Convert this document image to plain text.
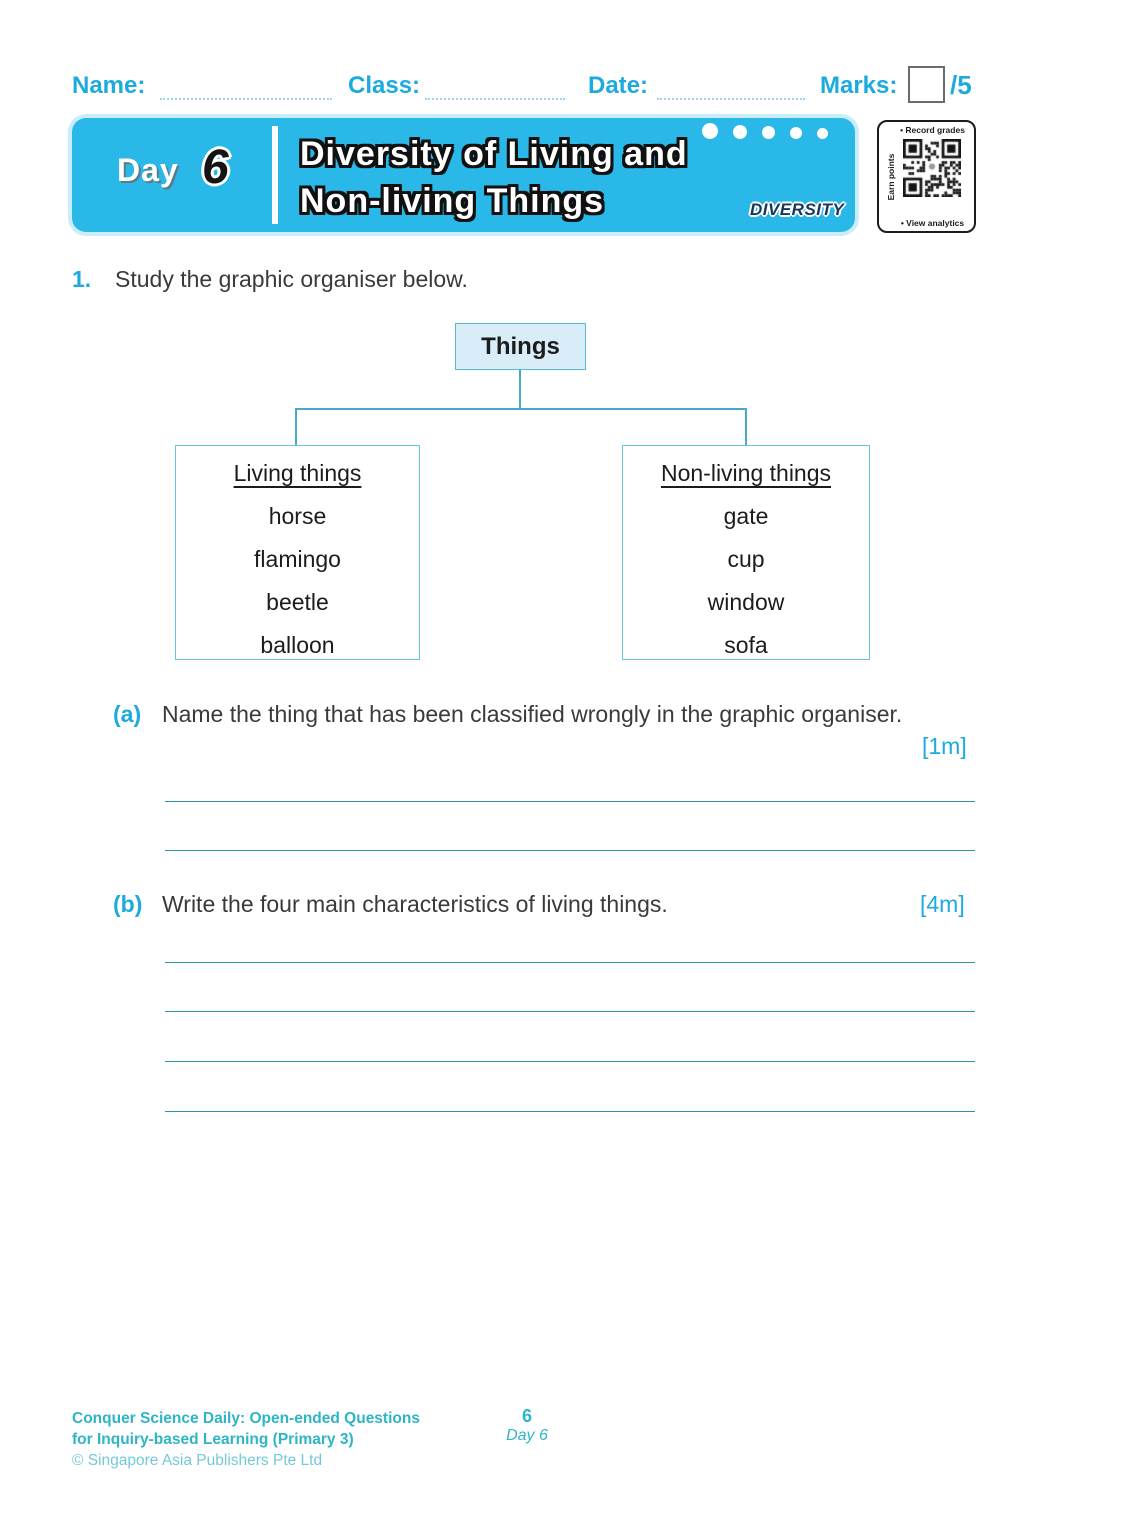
Name:	Class:	Date:	Marks: /5
Day 6 Diversity of Living and
Non-living Things	DIVERSITY
• Record grades
Earn points
• View analytics
1. Study the graphic organiser below.
Things
Living things
horse
flamingo
beetle
balloon
Non-living things
gate
cup
window
sofa
(a) Name the thing that has been classified wrongly in the graphic organiser.
[1m]
(b) Write the four main characteristics of living things.	[4m]
Conquer Science Daily: Open-ended Questions
for Inquiry-based Learning (Primary 3)
© Singapore Asia Publishers Pte Ltd
6
Day 6
